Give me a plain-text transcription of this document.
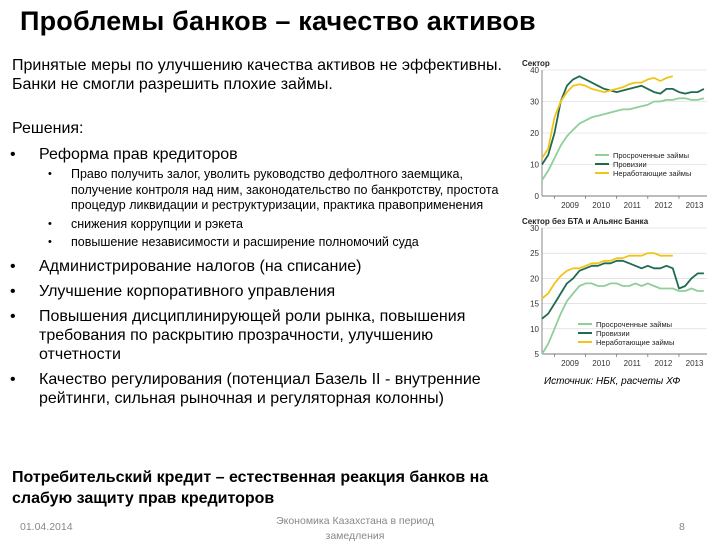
Проблемы банков – качество активов
Принятые меры по улучшению качества активов не эффективны. Банки не смогли разрешить плохие займы.
Решения:
• Реформа прав кредиторов
• Право получить залог, уволить руководство дефолтного заемщика, получение контроля над ним, законодательство по банкротству, простота процедур ликвидации и реструктуризации, практика правоприменения
• снижения коррупции и рэкета
• повышение независимости и расширение полномочий суда
• Администрирование налогов (на списание)
• Улучшение корпоративного управления
• Повышения дисциплинирующей роли рынка, повышения требования по раскрытию прозрачности, улучшению отчетности
• Качество регулирования (потенциал Базель II - внутренние рейтинги, сильная рыночная и регуляторная колонны)
Потребительский кредит – естественная реакция банков на слабую защиту прав кредиторов
Сектор
0
10
20
30
40
2009 2010 2011 2012 2013
Просроченные займы
Провизии
Неработающие займы
Сектор без БТА и Альянс Банка
5
10
15
20
25
30
2009 2010 2011 2012 2013
Просроченные займы
Провизии
Неработающие займы
Источник: НБК, расчеты ХФ
01.04.2014	Экономика Казахстана в период замедления
8
